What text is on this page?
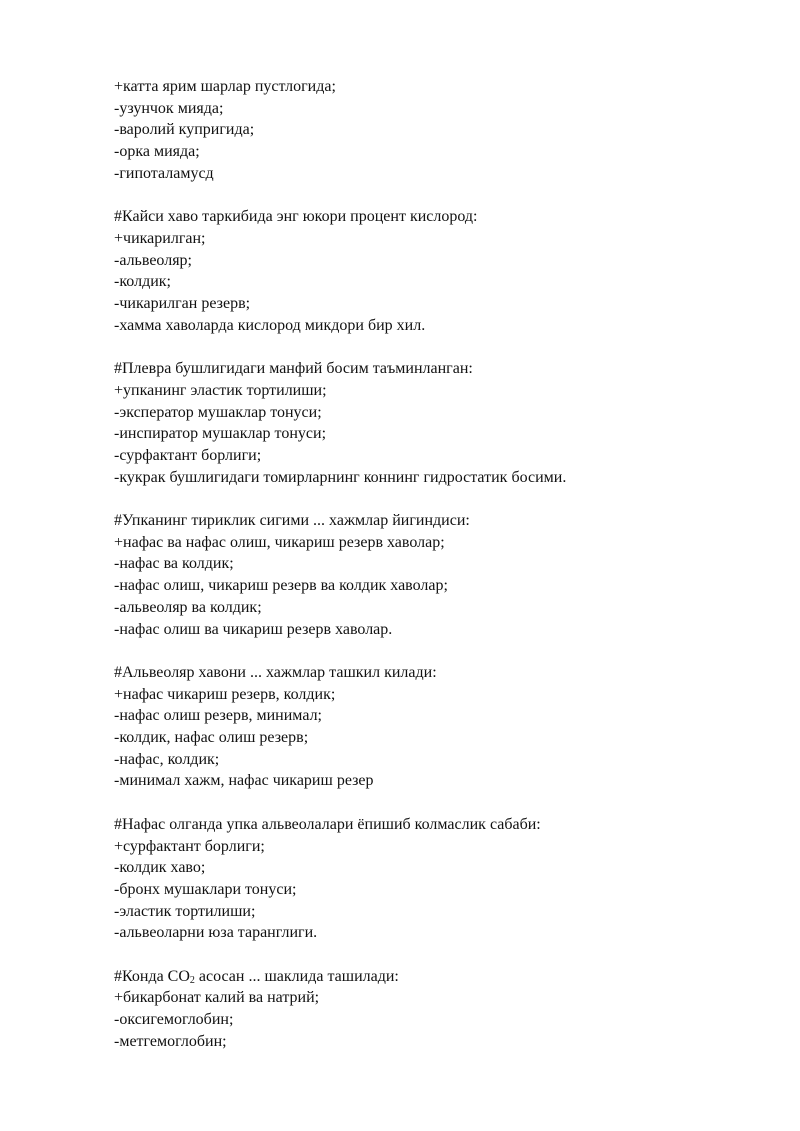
+катта ярим шарлар пустлогида;
-узунчок мияда;
-варолий купригида;
-орка мияда;
-гипоталамусд
#Кайси хаво таркибида энг юкори процент кислород:
+чикарилган;
-альвеоляр;
-колдик;
-чикарилган резерв;
-хамма хаволарда кислород микдори бир хил.
#Плевра бушлигидаги манфий босим таъминланган:
+упканинг эластик тортилиши;
-эксператор мушаклар тонуси;
-инспиратор мушаклар тонуси;
-сурфактант борлиги;
-кукрак бушлигидаги томирларнинг коннинг гидростатик босими.
#Упканинг тириклик сигими ... хажмлар йигиндиси:
+нафас ва нафас олиш, чикариш резерв хаволар;
-нафас ва колдик;
-нафас олиш, чикариш резерв ва колдик хаволар;
-альвеоляр ва колдик;
-нафас олиш ва чикариш резерв хаволар.
#Альвеоляр хавони ... хажмлар ташкил килади:
+нафас чикариш резерв, колдик;
-нафас олиш резерв, минимал;
-колдик, нафас олиш резерв;
-нафас, колдик;
-минимал хажм, нафас чикариш резер
#Нафас олганда упка альвеолалари ёпишиб колмаслик сабаби:
+сурфактант борлиги;
-колдик хаво;
-бронх мушаклари тонуси;
-эластик тортилиши;
-альвеоларни юза таранглиги.
#Конда $CO_2$ асосан ... шаклида ташилади:
+бикарбонат калий ва натрий;
-оксигемоглобин;
-метгемоглобин;
